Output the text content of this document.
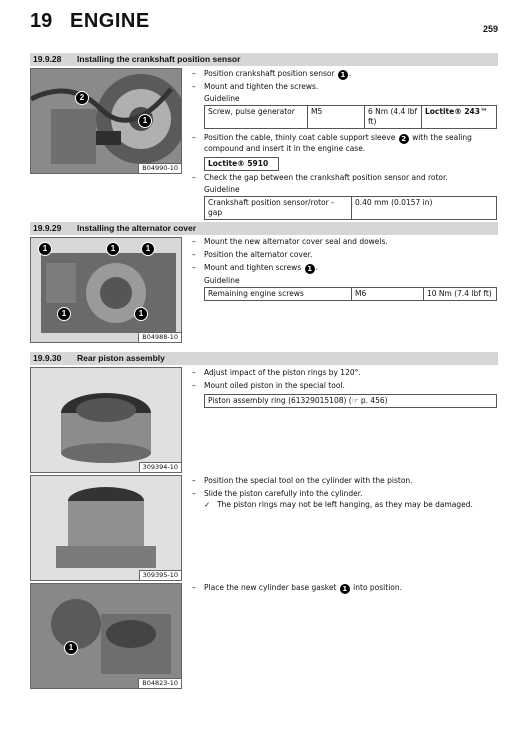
19 ENGINE	259
19.9.28 Installing the crankshaft position sensor
2
1
B04990-10
– Position crankshaft position sensor 1 .
– Mount and tighten the screws.
Guideline
Screw, pulse generator	M5	6 Nm (4.4 lbf ft)	Loctite® 243™
– Position the cable, thinly coat cable support sleeve 2 with the sealing compound and insert it in the engine case.
Loctite® 5910
– Check the gap between the crankshaft position sensor and rotor.
Guideline
Crankshaft position sensor/rotor - gap	0.40 mm (0.0157 in)
19.9.29 Installing the alternator cover
1	1	1
1	1
B04988-10
– Mount the new alternator cover seal and dowels.
– Position the alternator cover.
– Mount and tighten screws 1 .
Guideline
Remaining engine screws	M6	10 Nm (7.4 lbf ft)
19.9.30 Rear piston assembly
309394-10
309395-10
1
B04823-10
– Adjust impact of the piston rings by 120°.
– Mount oiled piston in the special tool.
Piston assembly ring (61329015108) (☞ p. 456)
– Position the special tool on the cylinder with the piston.
– Slide the piston carefully into the cylinder.
✓ The piston rings may not be left hanging, as they may be damaged.
– Place the new cylinder base gasket 1 into position.
